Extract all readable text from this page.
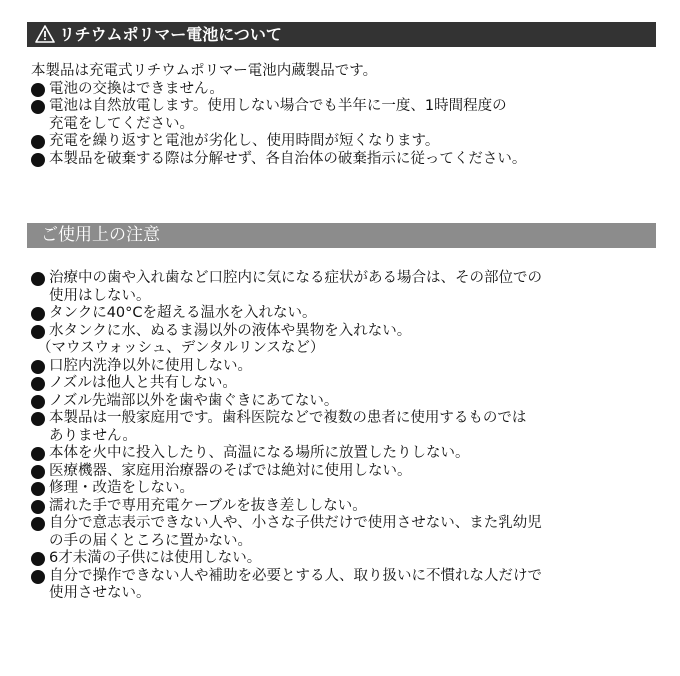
リチウムポリマー電池について
本製品は充電式リチウムポリマー電池内蔵製品です。
電池の交換はできません。
電池は自然放電します。使用しない場合でも半年に一度、1時間程度の
充電をしてください。
充電を繰り返すと電池が劣化し、使用時間が短くなります。
本製品を破棄する際は分解せず、各自治体の破棄指示に従ってください。
ご使用上の注意
治療中の歯や入れ歯など口腔内に気になる症状がある場合は、その部位での
使用はしない。
タンクに40°Cを超える温水を入れない。
水タンクに水、ぬるま湯以外の液体や異物を入れない。
（マウスウォッシュ、デンタルリンスなど）
口腔内洗浄以外に使用しない。
ノズルは他人と共有しない。
ノズル先端部以外を歯や歯ぐきにあてない。
本製品は一般家庭用です。歯科医院などで複数の患者に使用するものでは
ありません。
本体を火中に投入したり、高温になる場所に放置したりしない。
医療機器、家庭用治療器のそばでは絶対に使用しない。
修理・改造をしない。
濡れた手で専用充電ケーブルを抜き差ししない。
自分で意志表示できない人や、小さな子供だけで使用させない、また乳幼児
の手の届くところに置かない。
6才未満の子供には使用しない。
自分で操作できない人や補助を必要とする人、取り扱いに不慣れな人だけで
使用させない。
